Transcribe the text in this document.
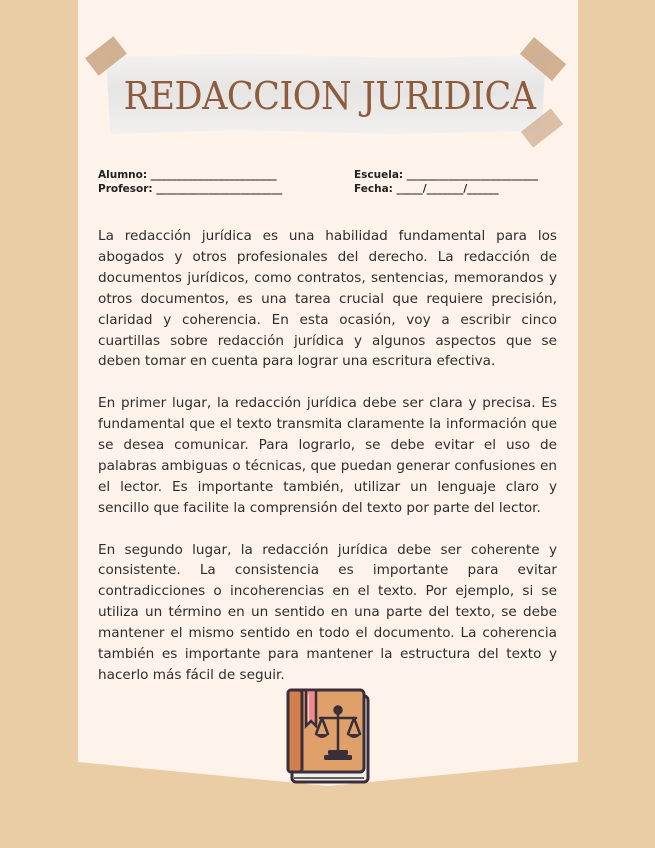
REDACCION JURIDICA
Alumno: ________________________
Profesor: ________________________
Escuela: _________________________
Fecha: _____/_______/______

La redacción jurídica es una habilidad fundamental para los abogados y otros profesionales del derecho. La redacción de documentos jurídicos, como contratos, sentencias, memorandos y otros documentos, es una tarea crucial que requiere precisión, claridad y coherencia. En esta ocasión, voy a escribir cinco cuartillas sobre redacción jurídica y algunos aspectos que se deben tomar en cuenta para lograr una escritura efectiva.

En primer lugar, la redacción jurídica debe ser clara y precisa. Es fundamental que el texto transmita claramente la información que se desea comunicar. Para lograrlo, se debe evitar el uso de palabras ambiguas o técnicas, que puedan generar confusiones en el lector. Es importante también, utilizar un lenguaje claro y sencillo que facilite la comprensión del texto por parte del lector.

En segundo lugar, la redacción jurídica debe ser coherente y consistente. La consistencia es importante para evitar contradicciones o incoherencias en el texto. Por ejemplo, si se utiliza un término en un sentido en una parte del texto, se debe mantener el mismo sentido en todo el documento. La coherencia también es importante para mantener la estructura del texto y hacerlo más fácil de seguir.
